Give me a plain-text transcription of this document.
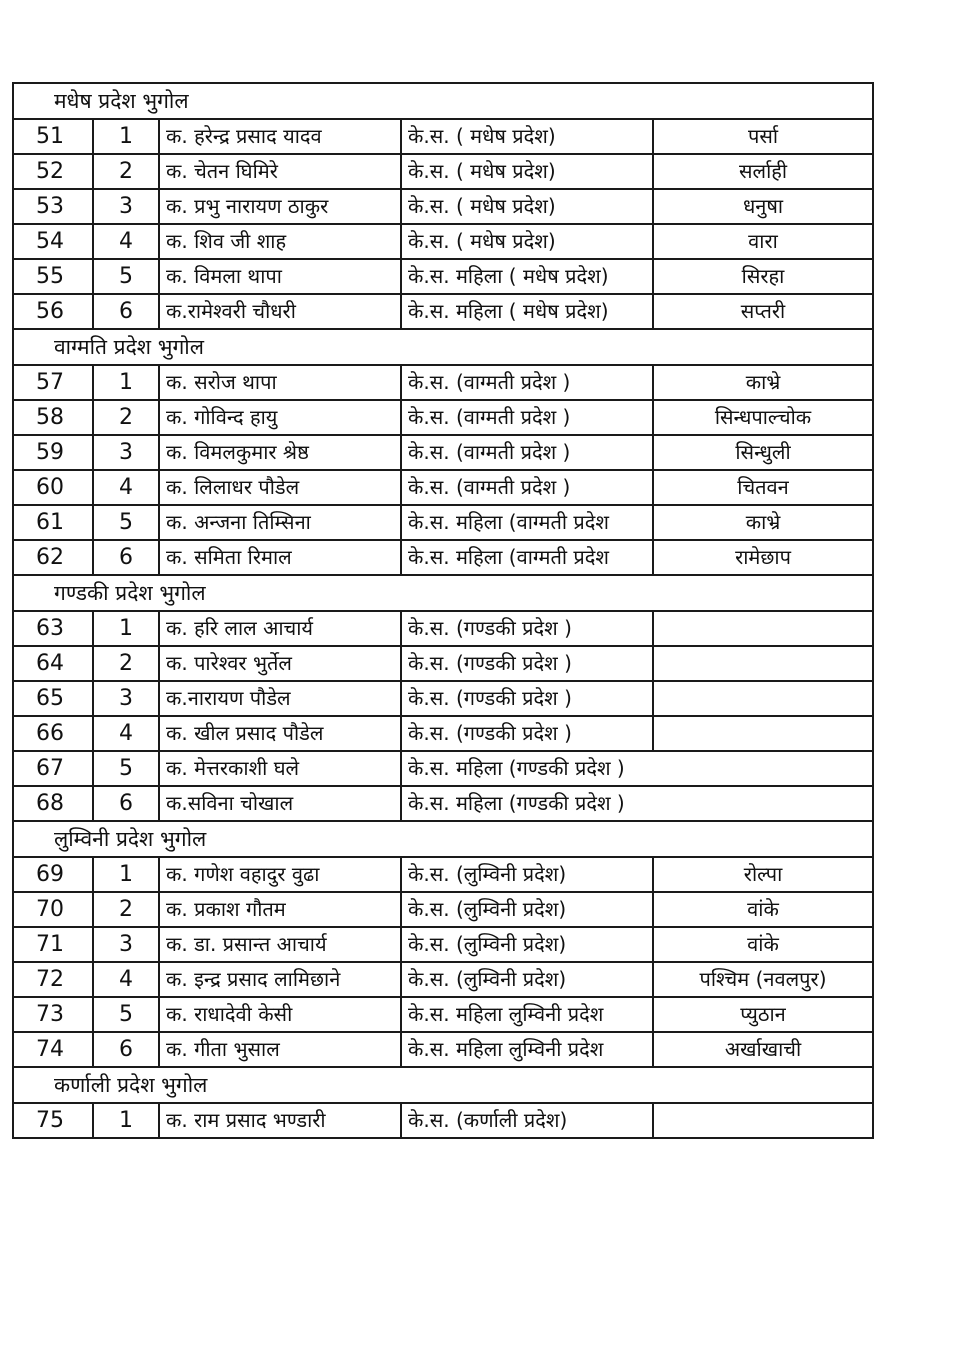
मधेष प्रदेश भुगोल				
51	1	क. हरेन्द्र प्रसाद यादव	के.स. ( मधेष प्रदेश)	पर्सा
52	2	क. चेतन घिमिरे	के.स. ( मधेष प्रदेश)	सर्लाही
53	3	क. प्रभु नारायण ठाकुर	के.स. ( मधेष प्रदेश)	धनुषा
54	4	क. शिव जी शाह	के.स. ( मधेष प्रदेश)	वारा
55	5	क. विमला थापा	के.स. महिला ( मधेष प्रदेश)	सिरहा
56	6	क.रामेश्वरी चौधरी	के.स. महिला ( मधेष प्रदेश)	सप्तरी
वाग्मति प्रदेश भुगोल				
57	1	क. सरोज थापा	के.स. (वाग्मती प्रदेश )	काभ्रे
58	2	क. गोविन्द हायु	के.स. (वाग्मती प्रदेश )	सिन्धपाल्चोक
59	3	क. विमलकुमार श्रेष्ठ	के.स. (वाग्मती प्रदेश )	सिन्धुली
60	4	क. लिलाधर पौडेल	के.स. (वाग्मती प्रदेश )	चितवन
61	5	क. अन्जना तिम्सिना	के.स. महिला (वाग्मती प्रदेश	काभ्रे
62	6	क. समिता रिमाल	के.स. महिला (वाग्मती प्रदेश	रामेछाप
गण्डकी प्रदेश भुगोल				
63	1	क. हरि लाल आचार्य	के.स. (गण्डकी प्रदेश )	
64	2	क. पारेश्वर भुर्तेल	के.स. (गण्डकी प्रदेश )	
65	3	क.नारायण पौडेल	के.स. (गण्डकी प्रदेश )	
66	4	क. खील प्रसाद पौडेल	के.स. (गण्डकी प्रदेश )	
67	5	क. मेत्तरकाशी घले	के.स. महिला (गण्डकी प्रदेश )	
68	6	क.सविना चोखाल	के.स. महिला (गण्डकी प्रदेश )	
लुम्विनी प्रदेश भुगोल				
69	1	क. गणेश वहादुर वुढा	के.स. (लुम्विनी प्रदेश)	रोल्पा
70	2	क. प्रकाश गौतम	के.स. (लुम्विनी प्रदेश)	वांके
71	3	क. डा. प्रसान्त आचार्य	के.स. (लुम्विनी प्रदेश)	वांके
72	4	क. इन्द्र प्रसाद लामिछाने	के.स. (लुम्विनी प्रदेश)	पश्चिम (नवलपुर)
73	5	क. राधादेवी केसी	के.स. महिला लुम्विनी प्रदेश	प्युठान
74	6	क. गीता भुसाल	के.स. महिला लुम्विनी प्रदेश	अर्खाखाची
कर्णाली प्रदेश भुगोल				
75	1	क. राम प्रसाद भण्डारी	के.स. (कर्णाली प्रदेश)	
